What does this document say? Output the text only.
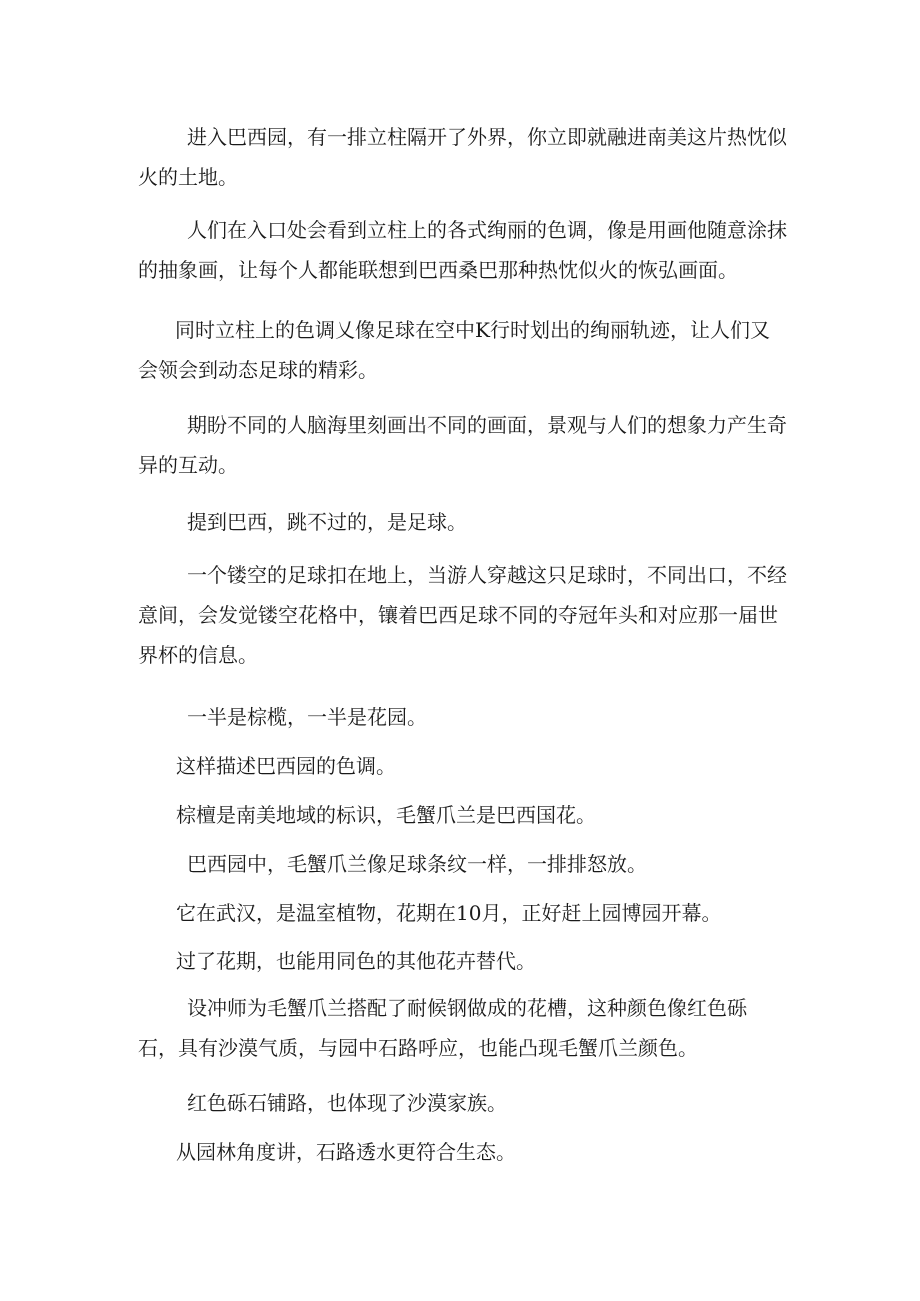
进入巴西园，有一排立柱隔开了外界，你立即就融进南美这片热忱似火的土地。

人们在入口处会看到立柱上的各式绚丽的色调，像是用画他随意涂抹的抽象画，让每个人都能联想到巴西桑巴那种热忱似火的恢弘画面。

同时立柱上的色调乂像足球在空中K行时划出的绚丽轨迹，让人们又会领会到动态足球的精彩。

期盼不同的人脑海里刻画出不同的画面，景观与人们的想象力产生奇异的互动。

提到巴西，跳不过的，是足球。

一个镂空的足球扣在地上，当游人穿越这只足球时，不同出口，不经意间，会发觉镂空花格中，镶着巴西足球不同的夺冠年头和对应那一届世界杯的信息。

一半是棕榄，一半是花园。

这样描述巴西园的色调。

棕檀是南美地域的标识，毛蟹爪兰是巴西国花。

巴西园中，毛蟹爪兰像足球条纹一样，一排排怒放。

它在武汉，是温室植物，花期在10月，正好赶上园博园开幕。

过了花期，也能用同色的其他花卉替代。

设冲师为毛蟹爪兰搭配了耐候钢做成的花槽，这种颜色像红色砾石，具有沙漠气质，与园中石路呼应，也能凸现毛蟹爪兰颜色。

红色砾石铺路，也体现了沙漠家族。

从园林角度讲，石路透水更符合生态。
